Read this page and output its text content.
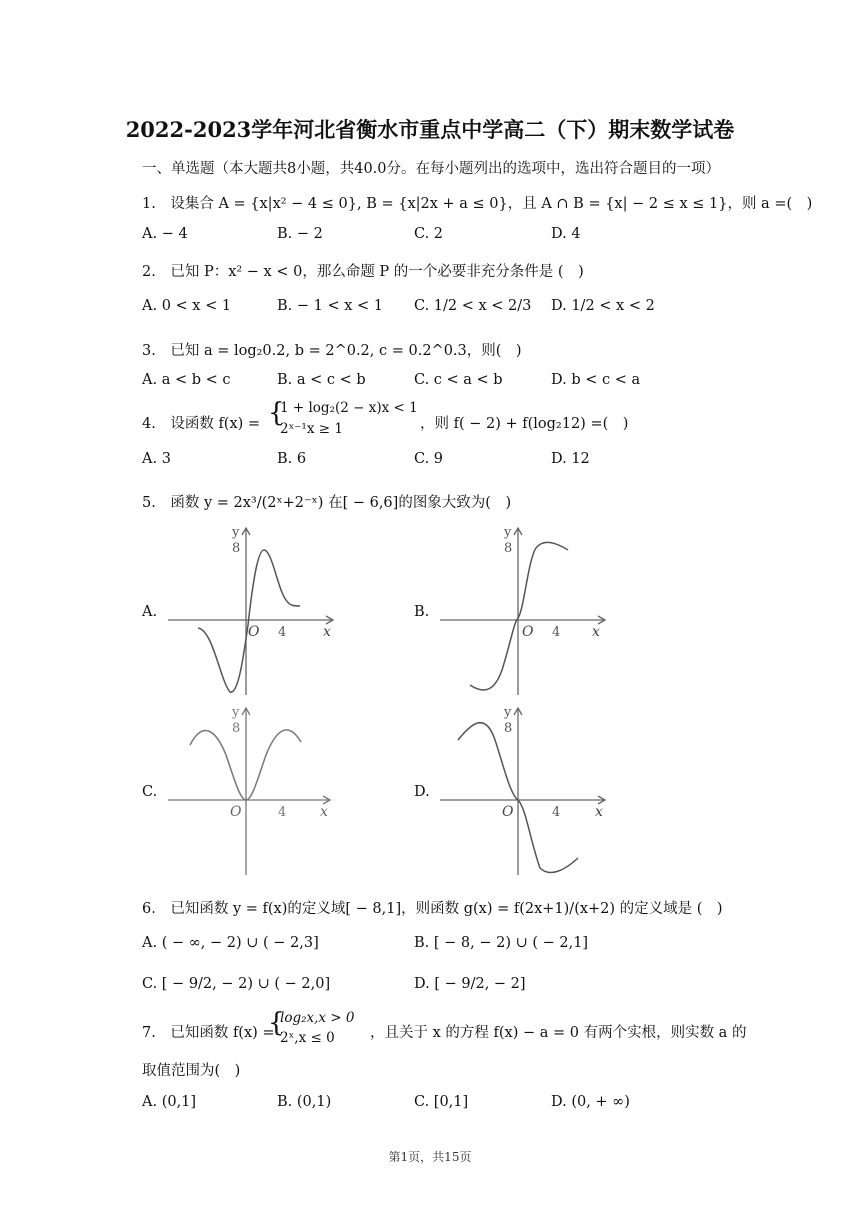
2022-2023学年河北省衡水市重点中学高二（下）期末数学试卷
一、单选题（本大题共8小题，共40.0分。在每小题列出的选项中，选出符合题目的一项）
1.　设集合 A = {x|x² − 4 ≤ 0}, B = {x|2x + a ≤ 0}，且 A ∩ B = {x| − 2 ≤ x ≤ 1}，则 a =(　)
A. − 4	B. − 2	C. 2	D. 4
2.　已知 P：x² − x < 0，那么命题 P 的一个必要非充分条件是 (　)
A. 0 < x < 1	B. − 1 < x < 1 C. 1/2 < x < 2/3 D. 1/2 < x < 2
3.　已知 a = log₂0.2, b = 2^0.2, c = 0.2^0.3，则(　)
A. a < b < c	B. a < c < b	C. c < a < b	D. b < c < a
4.　设函数 f(x) = {
1 + log₂(2 − x)x < 1
2ˣ⁻¹x ≥ 1	，则 f( − 2) + f(log₂12) =(　)
A. 3	B. 6	C. 9	D. 12
5.　函数 y = 2x³/(2ˣ+2⁻ˣ) 在[ − 6,6]的图象大致为(　)
A.	B.
C.	D.
y
8
O 4	x
y
8
O 4 x
y
8
O	4 x
y
8
O	4 x
6.　已知函数 y = f(x)的定义域[ − 8,1]，则函数 g(x) = f(2x+1)/(x+2) 的定义域是 (　)
A. ( − ∞, − 2) ∪ ( − 2,3]	B. [ − 8, − 2) ∪ ( − 2,1]
C. [ − 9/2, − 2) ∪ ( − 2,0]	D. [ − 9/2, − 2]
7.　已知函数 f(x) =
{
log₂x,x > 0
2ˣ,x ≤ 0 ，且关于 x 的方程 f(x) − a = 0 有两个实根，则实数 a 的
取值范围为(　)
A. (0,1]	B. (0,1)	C. [0,1]	D. (0, + ∞)
第1页，共15页
